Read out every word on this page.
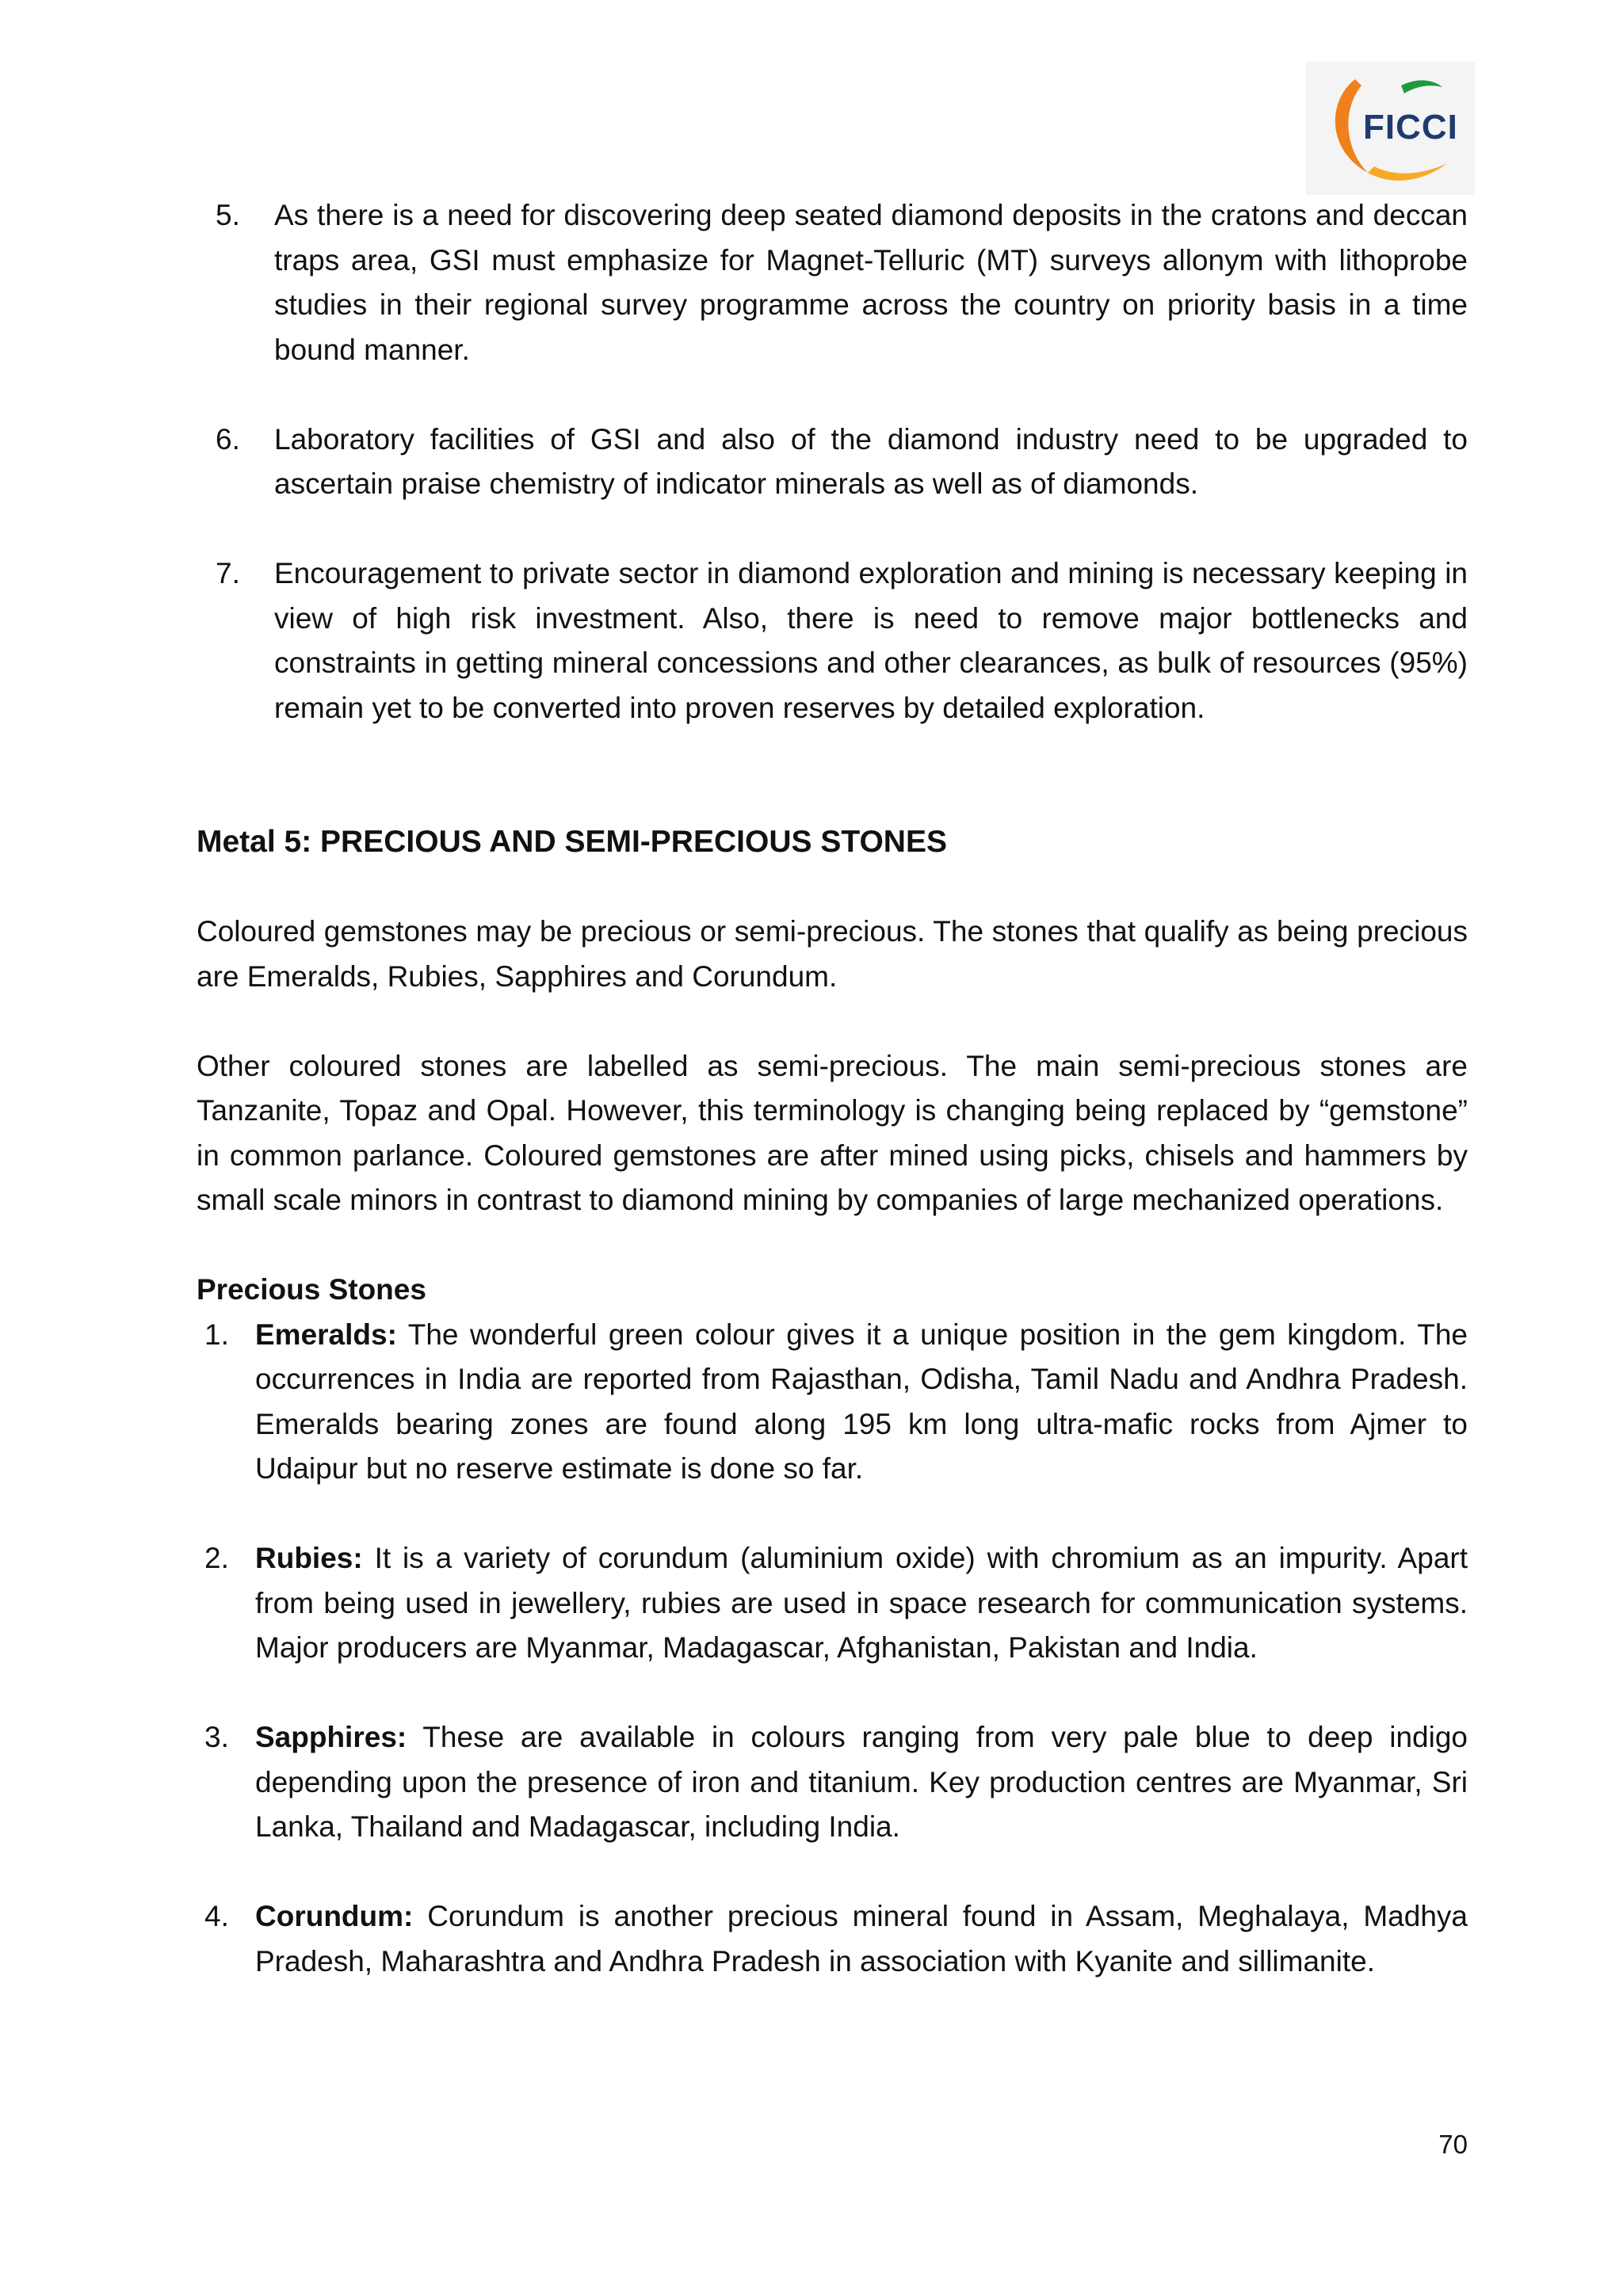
FICCI
5. As there is a need for discovering deep seated diamond deposits in the cratons and deccan traps area, GSI must emphasize for Magnet-Telluric (MT) surveys allonym with lithoprobe studies in their regional survey programme across the country on priority basis in a time bound manner.
6. Laboratory facilities of GSI and also of the diamond industry need to be upgraded to ascertain praise chemistry of indicator minerals as well as of diamonds.
7. Encouragement to private sector in diamond exploration and mining is necessary keeping in view of high risk investment. Also, there is need to remove major bottlenecks and constraints in getting mineral concessions and other clearances, as bulk of resources (95%) remain yet to be converted into proven reserves by detailed exploration.

Metal 5: PRECIOUS AND SEMI-PRECIOUS STONES

Coloured gemstones may be precious or semi-precious. The stones that qualify as being precious are Emeralds, Rubies, Sapphires and Corundum.

Other coloured stones are labelled as semi-precious. The main semi-precious stones are Tanzanite, Topaz and Opal. However, this terminology is changing being replaced by “gemstone” in common parlance. Coloured gemstones are after mined using picks, chisels and hammers by small scale minors in contrast to diamond mining by companies of large mechanized operations.

Precious Stones

1. Emeralds: The wonderful green colour gives it a unique position in the gem kingdom. The occurrences in India are reported from Rajasthan, Odisha, Tamil Nadu and Andhra Pradesh. Emeralds bearing zones are found along 195 km long ultra-mafic rocks from Ajmer to Udaipur but no reserve estimate is done so far.
2. Rubies: It is a variety of corundum (aluminium oxide) with chromium as an impurity. Apart from being used in jewellery, rubies are used in space research for communication systems. Major producers are Myanmar, Madagascar, Afghanistan, Pakistan and India.
3. Sapphires: These are available in colours ranging from very pale blue to deep indigo depending upon the presence of iron and titanium. Key production centres are Myanmar, Sri Lanka, Thailand and Madagascar, including India.
4. Corundum: Corundum is another precious mineral found in Assam, Meghalaya, Madhya Pradesh, Maharashtra and Andhra Pradesh in association with Kyanite and sillimanite.
70
